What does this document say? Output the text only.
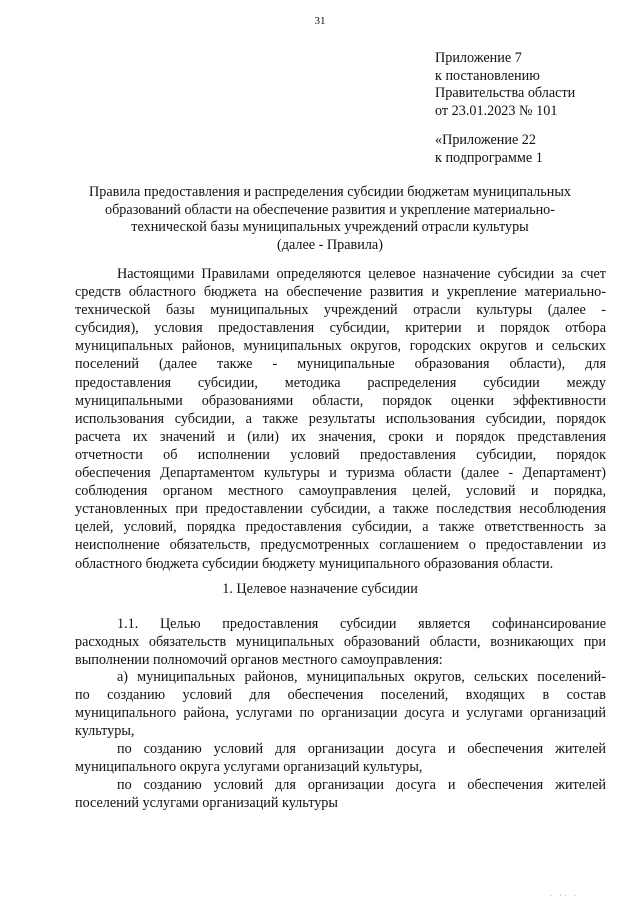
31
Приложение 7
к постановлению
Правительства области
от 23.01.2023 № 101
«Приложение 22
к подпрограмме 1
Правила предоставления и распределения субсидии бюджетам муниципальных
образований области на обеспечение развития и укрепление материально-
технической базы муниципальных учреждений отрасли культуры
(далее - Правила)
Настоящими Правилами определяются целевое назначение субсидии за счет
средств областного бюджета на обеспечение развития и укрепление материально-
технической базы муниципальных учреждений отрасли культуры (далее -
субсидия), условия предоставления субсидии, критерии и порядок отбора
муниципальных районов, муниципальных округов, городских округов и сельских
поселений (далее также - муниципальные образования области), для
предоставления субсидии, методика распределения субсидии между
муниципальными образованиями области, порядок оценки эффективности
использования субсидии, а также результаты использования субсидии, порядок
расчета их значений и (или) их значения, сроки и порядок представления
отчетности об исполнении условий предоставления субсидии, порядок
обеспечения Департаментом культуры и туризма области (далее - Департамент)
соблюдения органом местного самоуправления целей, условий и порядка,
установленных при предоставлении субсидии, а также последствия несоблюдения
целей, условий, порядка предоставления субсидии, а также ответственность за
неисполнение обязательств, предусмотренных соглашением о предоставлении из
областного бюджета субсидии бюджету муниципального образования области.
1. Целевое назначение субсидии
1.1. Целью предоставления субсидии является софинансирование
расходных обязательств муниципальных образований области, возникающих при
выполнении полномочий органов местного самоуправления:
а) муниципальных районов, муниципальных округов, сельских поселений-
по созданию условий для обеспечения поселений, входящих в состав
муниципального района, услугами по организации досуга и услугами организаций
культуры,
по созданию условий для организации досуга и обеспечения жителей
муниципального округа услугами организаций культуры,
по созданию условий для организации досуга и обеспечения жителей
поселений услугами организаций культуры
· ·· ·
